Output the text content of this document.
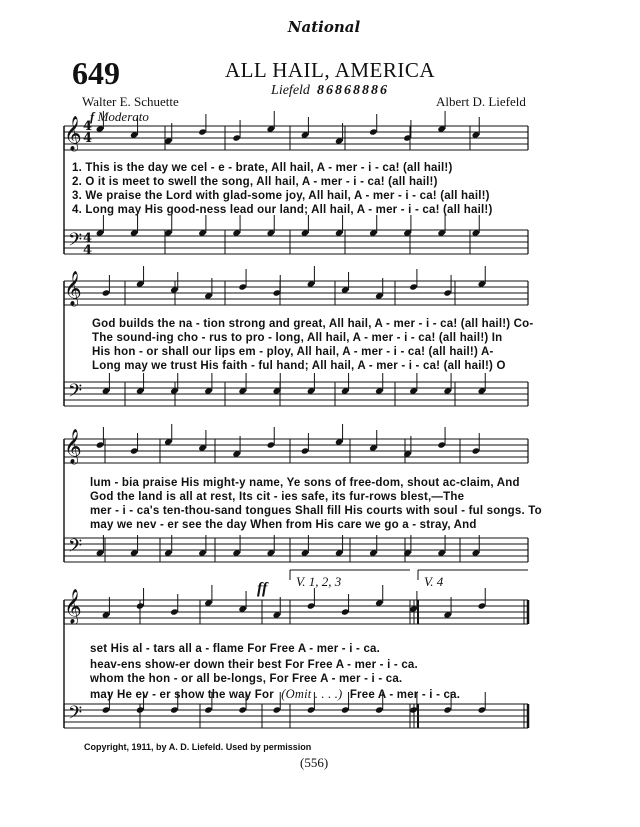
National
649	ALL HAIL, AMERICA
Liefeld 86868886
Walter E. Schuette	Albert D. Liefeld
f Moderato
𝄞
𝄢
𝄞
𝄢
𝄞
𝄢
𝄞
𝄢
4
4
4
4
ff V. 1, 2, 3	V. 4
1. This is the day we cel - e - brate, All hail, A - mer - i - ca! (all hail!)
2. O it is meet to swell the song, All hail, A - mer - i - ca! (all hail!)
3. We praise the Lord with glad-some joy, All hail, A - mer - i - ca! (all hail!)
4. Long may His good-ness lead our land; All hail, A - mer - i - ca! (all hail!)
God builds the na - tion strong and great, All hail, A - mer - i - ca! (all hail!) Co-
The sound-ing cho - rus to pro - long, All hail, A - mer - i - ca! (all hail!) In
His hon - or shall our lips em - ploy, All hail, A - mer - i - ca! (all hail!) A-
Long may we trust His faith - ful hand; All hail, A - mer - i - ca! (all hail!) O
lum - bia praise His might-y name, Ye sons of free-dom, shout ac-claim, And
God the land is all at rest, Its cit - ies safe, its fur-rows blest,—The
mer - i - ca's ten-thou-sand tongues Shall fill His courts with soul - ful songs. To
may we nev - er see the day When from His care we go a - stray, And
set His al - tars all a - flame For Free A - mer - i - ca.
heav-ens show-er down their best For Free A - mer - i - ca.
whom the hon - or all be-longs, For Free A - mer - i - ca.
may He ev - er show the way For (Omit . . . .) Free A - mer - i - ca.
Copyright, 1911, by A. D. Liefeld. Used by permission
(556)
